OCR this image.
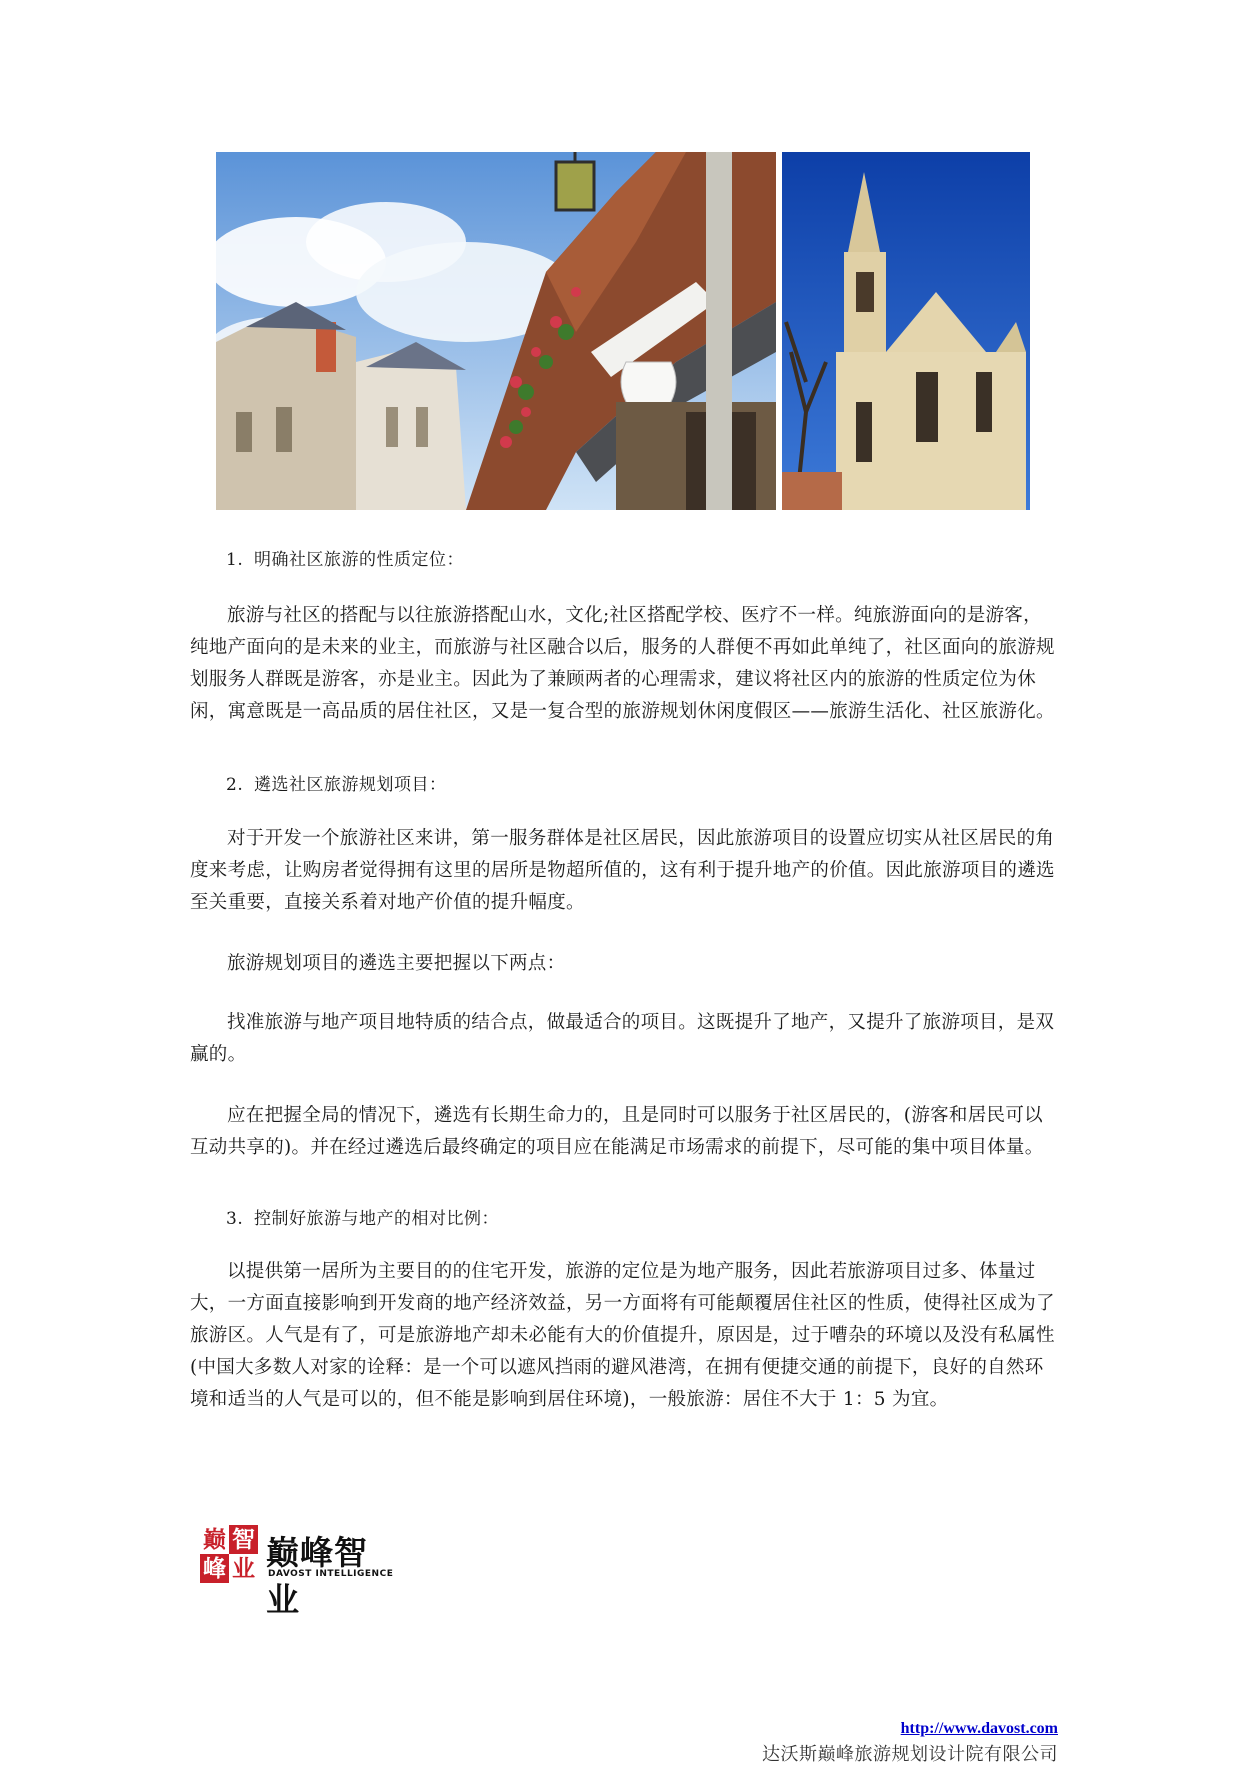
1. 明确社区旅游的性质定位：

旅游与社区的搭配与以往旅游搭配山水，文化;社区搭配学校、医疗不一样。纯旅游面向的是游客，纯地产面向的是未来的业主，而旅游与社区融合以后，服务的人群便不再如此单纯了，社区面向的旅游规划服务人群既是游客，亦是业主。因此为了兼顾两者的心理需求，建议将社区内的旅游的性质定位为休闲，寓意既是一高品质的居住社区，又是一复合型的旅游规划休闲度假区——旅游生活化、社区旅游化。

2. 遴选社区旅游规划项目：

对于开发一个旅游社区来讲，第一服务群体是社区居民，因此旅游项目的设置应切实从社区居民的角度来考虑，让购房者觉得拥有这里的居所是物超所值的，这有利于提升地产的价值。因此旅游项目的遴选至关重要，直接关系着对地产价值的提升幅度。

旅游规划项目的遴选主要把握以下两点：

找准旅游与地产项目地特质的结合点，做最适合的项目。这既提升了地产，又提升了旅游项目，是双赢的。

应在把握全局的情况下，遴选有长期生命力的，且是同时可以服务于社区居民的，(游客和居民可以互动共享的)。并在经过遴选后最终确定的项目应在能满足市场需求的前提下，尽可能的集中项目体量。

3. 控制好旅游与地产的相对比例：

以提供第一居所为主要目的的住宅开发，旅游的定位是为地产服务，因此若旅游项目过多、体量过大，一方面直接影响到开发商的地产经济效益，另一方面将有可能颠覆居住社区的性质，使得社区成为了旅游区。人气是有了，可是旅游地产却未必能有大的价值提升，原因是，过于嘈杂的环境以及没有私属性(中国大多数人对家的诠释：是一个可以遮风挡雨的避风港湾，在拥有便捷交通的前提下，良好的自然环境和适当的人气是可以的，但不能是影响到居住环境)，一般旅游：居住不大于 1：5 为宜。

巅 智
峰 业 巅峰智业
DAVOST INTELLIGENCE
http://www.davost.com
达沃斯巅峰旅游规划设计院有限公司
